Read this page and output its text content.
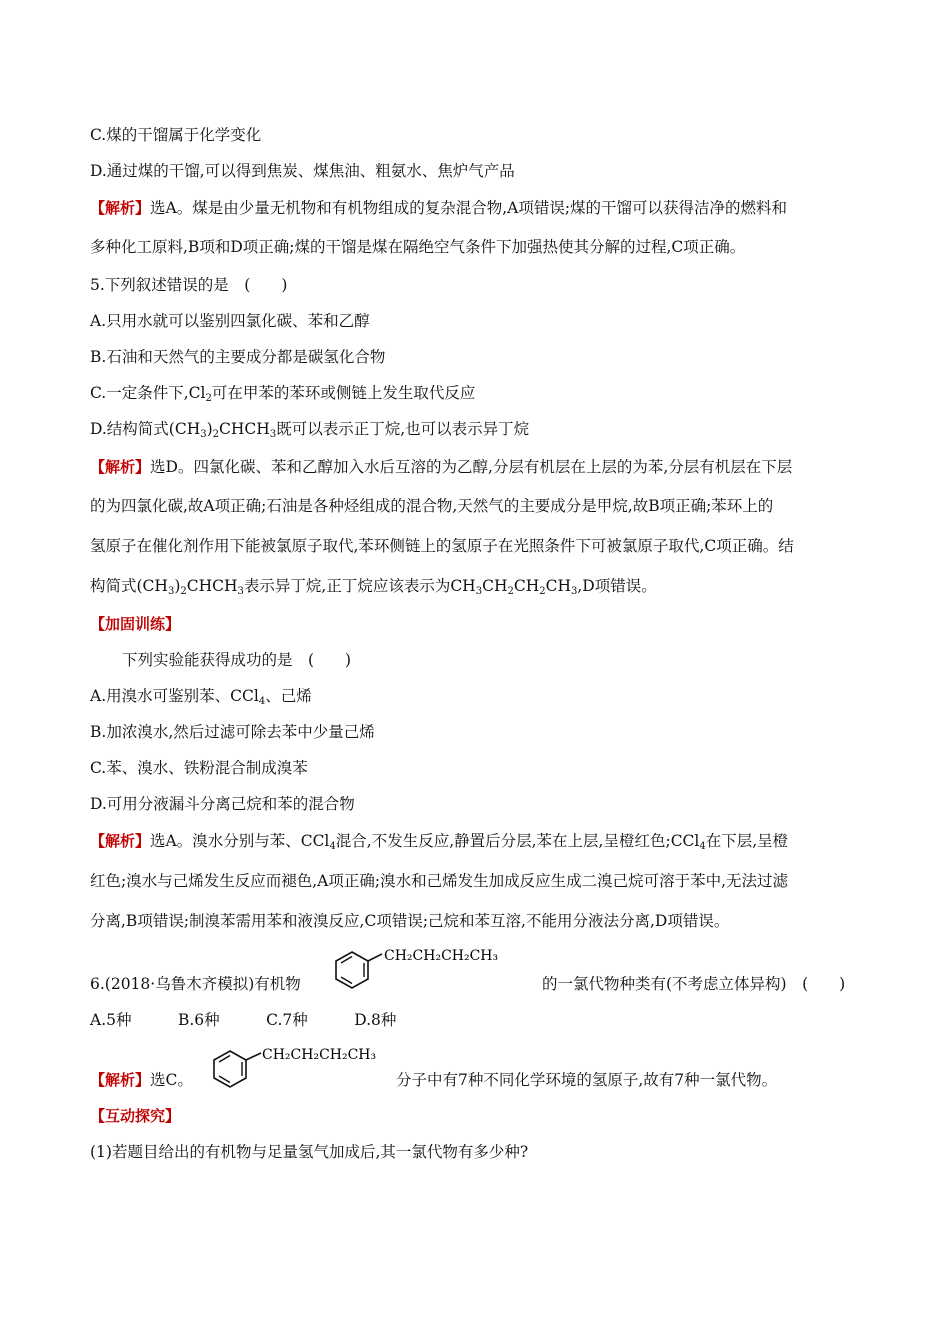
C.煤的干馏属于化学变化
D.通过煤的干馏,可以得到焦炭、煤焦油、粗氨水、焦炉气产品
【解析】选A。煤是由少量无机物和有机物组成的复杂混合物,A项错误;煤的干馏可以获得洁净的燃料和
多种化工原料,B项和D项正确;煤的干馏是煤在隔绝空气条件下加强热使其分解的过程,C项正确。
5.下列叙述错误的是　(　　)
A.只用水就可以鉴别四氯化碳、苯和乙醇
B.石油和天然气的主要成分都是碳氢化合物
C.一定条件下$,Cl_2$可在甲苯的苯环或侧链上发生取代反应
D.结构简式$(CH_3)_2CHCH_3$既可以表示正丁烷,也可以表示异丁烷
【解析】选D。四氯化碳、苯和乙醇加入水后互溶的为乙醇,分层有机层在上层的为苯,分层有机层在下层
的为四氯化碳,故A项正确;石油是各种烃组成的混合物,天然气的主要成分是甲烷,故B项正确;苯环上的
氢原子在催化剂作用下能被氯原子取代,苯环侧链上的氢原子在光照条件下可被氯原子取代,C项正确。结
构简式$(CH_3)_2CHCH_3$表示异丁烷,正丁烷应该表示为$CH_3CH_2CH_2CH_3,D$项错误。
【加固训练】
下列实验能获得成功的是　(　　)
A.用溴水可鉴别苯、CCl$_4$、己烯
B.加浓溴水,然后过滤可除去苯中少量己烯
C.苯、溴水、铁粉混合制成溴苯
D.可用分液漏斗分离己烷和苯的混合物
【解析】选A。溴水分别与苯、CCl$_4$混合,不发生反应,静置后分层,苯在上层,呈橙红色;CCl$_4$在下层,呈橙
红色;溴水与己烯发生反应而褪色,A项正确;溴水和己烯发生加成反应生成二溴己烷可溶于苯中,无法过滤
分离,B项错误;制溴苯需用苯和液溴反应,C项错误;己烷和苯互溶,不能用分液法分离,D项错误。
6.(2018·乌鲁木齐模拟)有机物
CH₂CH₂CH₂CH₃
的一氯代物种类有(不考虑立体异构)　(　　)
A.5种　　　B.6种　　　C.7种　　　D.8种
【解析】选C。
CH₂CH₂CH₂CH₃
分子中有7种不同化学环境的氢原子,故有7种一氯代物。
【互动探究】
(1)若题目给出的有机物与足量氢气加成后,其一氯代物有多少种?
